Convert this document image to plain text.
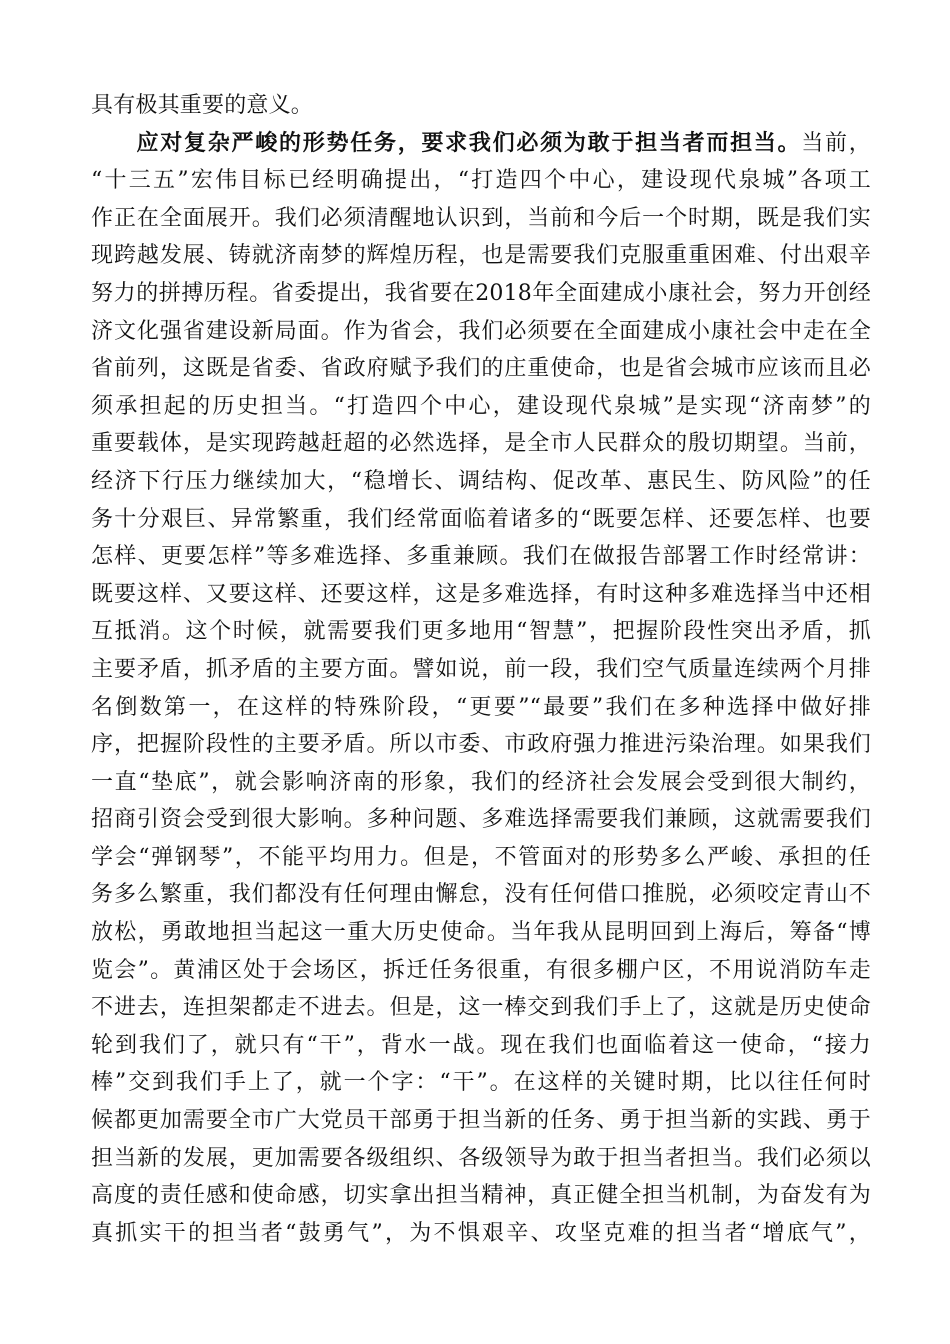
具有极其重要的意义。
应对复杂严峻的形势任务，要求我们必须为敢于担当者而担当。当前，
“十三五”宏伟目标已经明确提出，“打造四个中心，建设现代泉城”各项工
作正在全面展开。我们必须清醒地认识到，当前和今后一个时期，既是我们实
现跨越发展、铸就济南梦的辉煌历程，也是需要我们克服重重困难、付出艰辛
努力的拼搏历程。省委提出，我省要在2018年全面建成小康社会，努力开创经
济文化强省建设新局面。作为省会，我们必须要在全面建成小康社会中走在全
省前列，这既是省委、省政府赋予我们的庄重使命，也是省会城市应该而且必
须承担起的历史担当。“打造四个中心，建设现代泉城”是实现“济南梦”的
重要载体，是实现跨越赶超的必然选择，是全市人民群众的殷切期望。当前，
经济下行压力继续加大，“稳增长、调结构、促改革、惠民生、防风险”的任
务十分艰巨、异常繁重，我们经常面临着诸多的“既要怎样、还要怎样、也要
怎样、更要怎样”等多难选择、多重兼顾。我们在做报告部署工作时经常讲：
既要这样、又要这样、还要这样，这是多难选择，有时这种多难选择当中还相
互抵消。这个时候，就需要我们更多地用“智慧”，把握阶段性突出矛盾，抓
主要矛盾，抓矛盾的主要方面。譬如说，前一段，我们空气质量连续两个月排
名倒数第一，在这样的特殊阶段，“更要”“最要”我们在多种选择中做好排
序，把握阶段性的主要矛盾。所以市委、市政府强力推进污染治理。如果我们
一直“垫底”，就会影响济南的形象，我们的经济社会发展会受到很大制约，
招商引资会受到很大影响。多种问题、多难选择需要我们兼顾，这就需要我们
学会“弹钢琴”，不能平均用力。但是，不管面对的形势多么严峻、承担的任
务多么繁重，我们都没有任何理由懈怠，没有任何借口推脱，必须咬定青山不
放松，勇敢地担当起这一重大历史使命。当年我从昆明回到上海后，筹备“博
览会”。黄浦区处于会场区，拆迁任务很重，有很多棚户区，不用说消防车走
不进去，连担架都走不进去。但是，这一棒交到我们手上了，这就是历史使命
轮到我们了，就只有“干”，背水一战。现在我们也面临着这一使命，“接力
棒”交到我们手上了，就一个字：“干”。在这样的关键时期，比以往任何时
候都更加需要全市广大党员干部勇于担当新的任务、勇于担当新的实践、勇于
担当新的发展，更加需要各级组织、各级领导为敢于担当者担当。我们必须以
高度的责任感和使命感，切实拿出担当精神，真正健全担当机制，为奋发有为
真抓实干的担当者“鼓勇气”，为不惧艰辛、攻坚克难的担当者“增底气”，
